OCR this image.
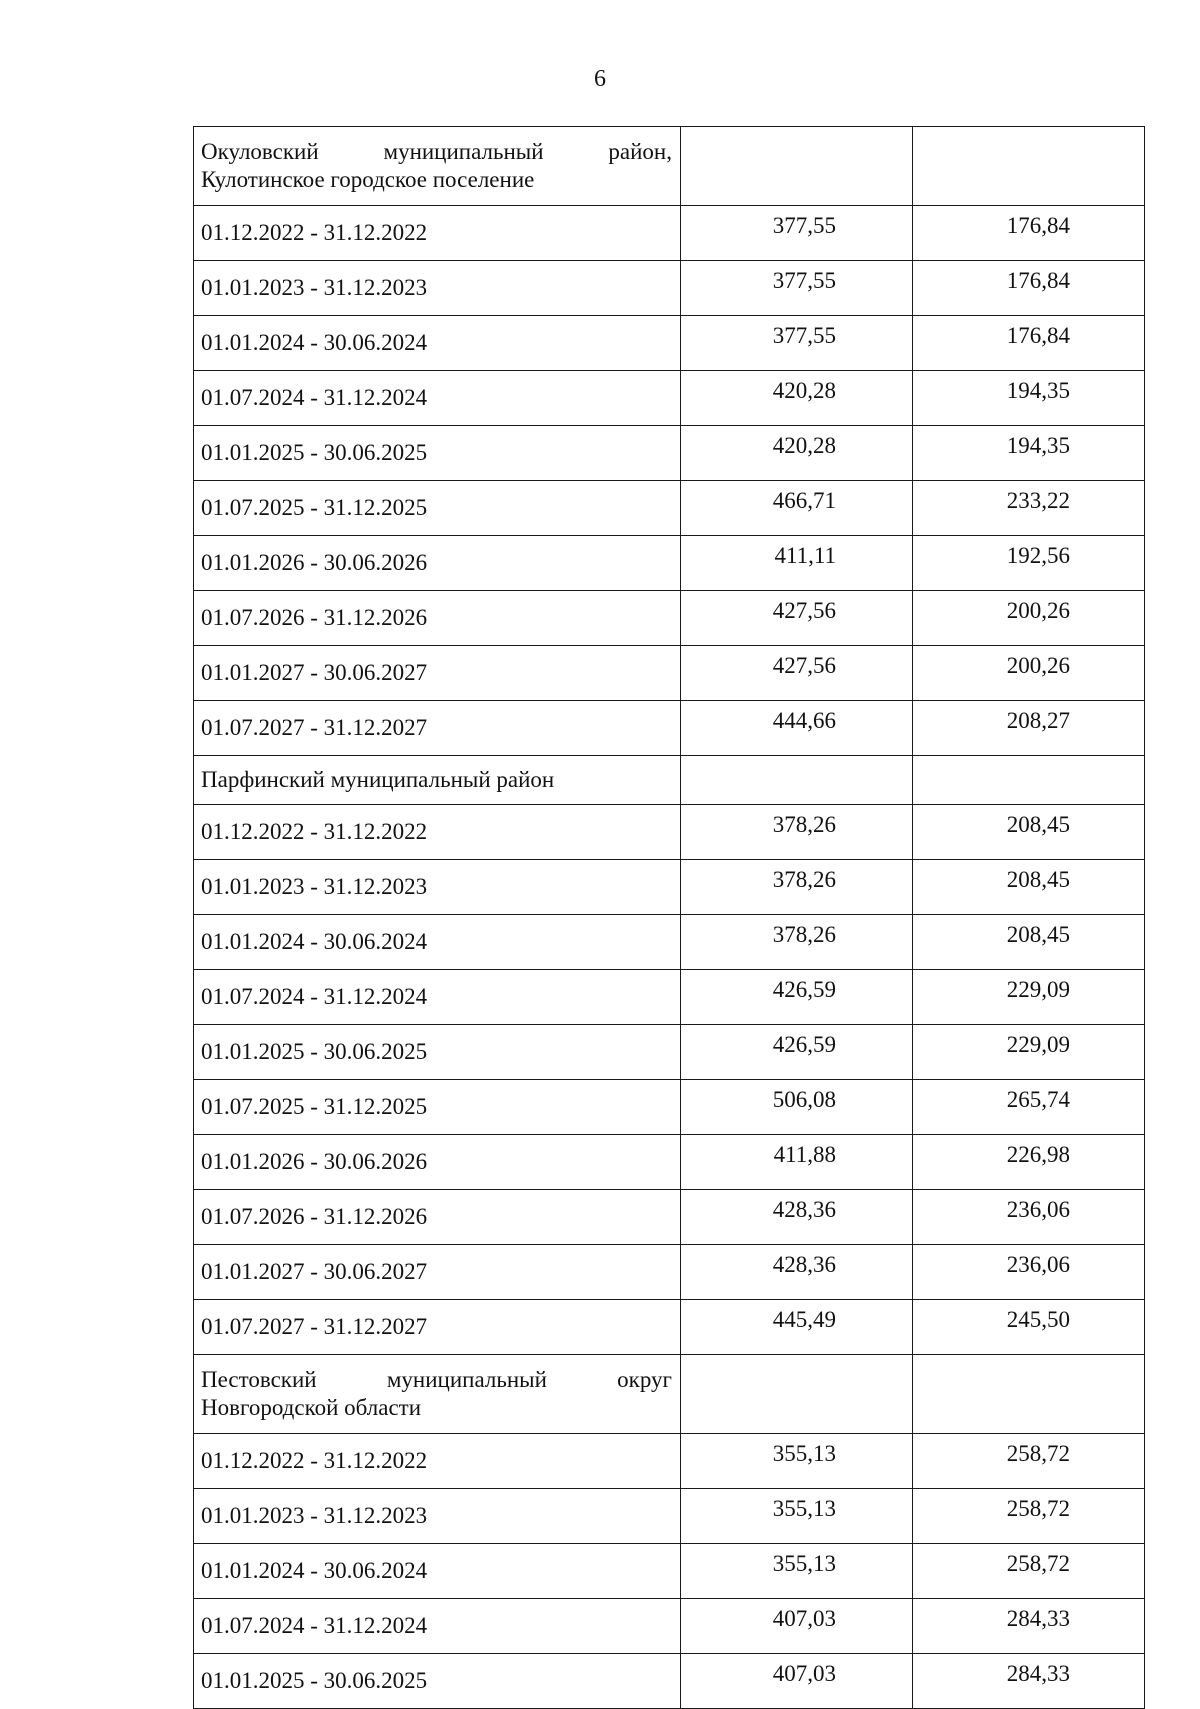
6
Окуловский муниципальный район,
Кулотинское городское поселение		

01.12.2022 - 31.12.2022	377,55	176,84
01.01.2023 - 31.12.2023	377,55	176,84
01.01.2024 - 30.06.2024	377,55	176,84
01.07.2024 - 31.12.2024	420,28	194,35
01.01.2025 - 30.06.2025	420,28	194,35
01.07.2025 - 31.12.2025	466,71	233,22
01.01.2026 - 30.06.2026	411,11	192,56
01.07.2026 - 31.12.2026	427,56	200,26
01.01.2027 - 30.06.2027	427,56	200,26
01.07.2027 - 31.12.2027	444,66	208,27

Парфинский муниципальный район		

01.12.2022 - 31.12.2022	378,26	208,45
01.01.2023 - 31.12.2023	378,26	208,45
01.01.2024 - 30.06.2024	378,26	208,45
01.07.2024 - 31.12.2024	426,59	229,09
01.01.2025 - 30.06.2025	426,59	229,09
01.07.2025 - 31.12.2025	506,08	265,74
01.01.2026 - 30.06.2026	411,88	226,98
01.07.2026 - 31.12.2026	428,36	236,06
01.01.2027 - 30.06.2027	428,36	236,06
01.07.2027 - 31.12.2027	445,49	245,50

Пестовский муниципальный округ
Новгородской области		

01.12.2022 - 31.12.2022	355,13	258,72
01.01.2023 - 31.12.2023	355,13	258,72
01.01.2024 - 30.06.2024	355,13	258,72
01.07.2024 - 31.12.2024	407,03	284,33
01.01.2025 - 30.06.2025	407,03	284,33
